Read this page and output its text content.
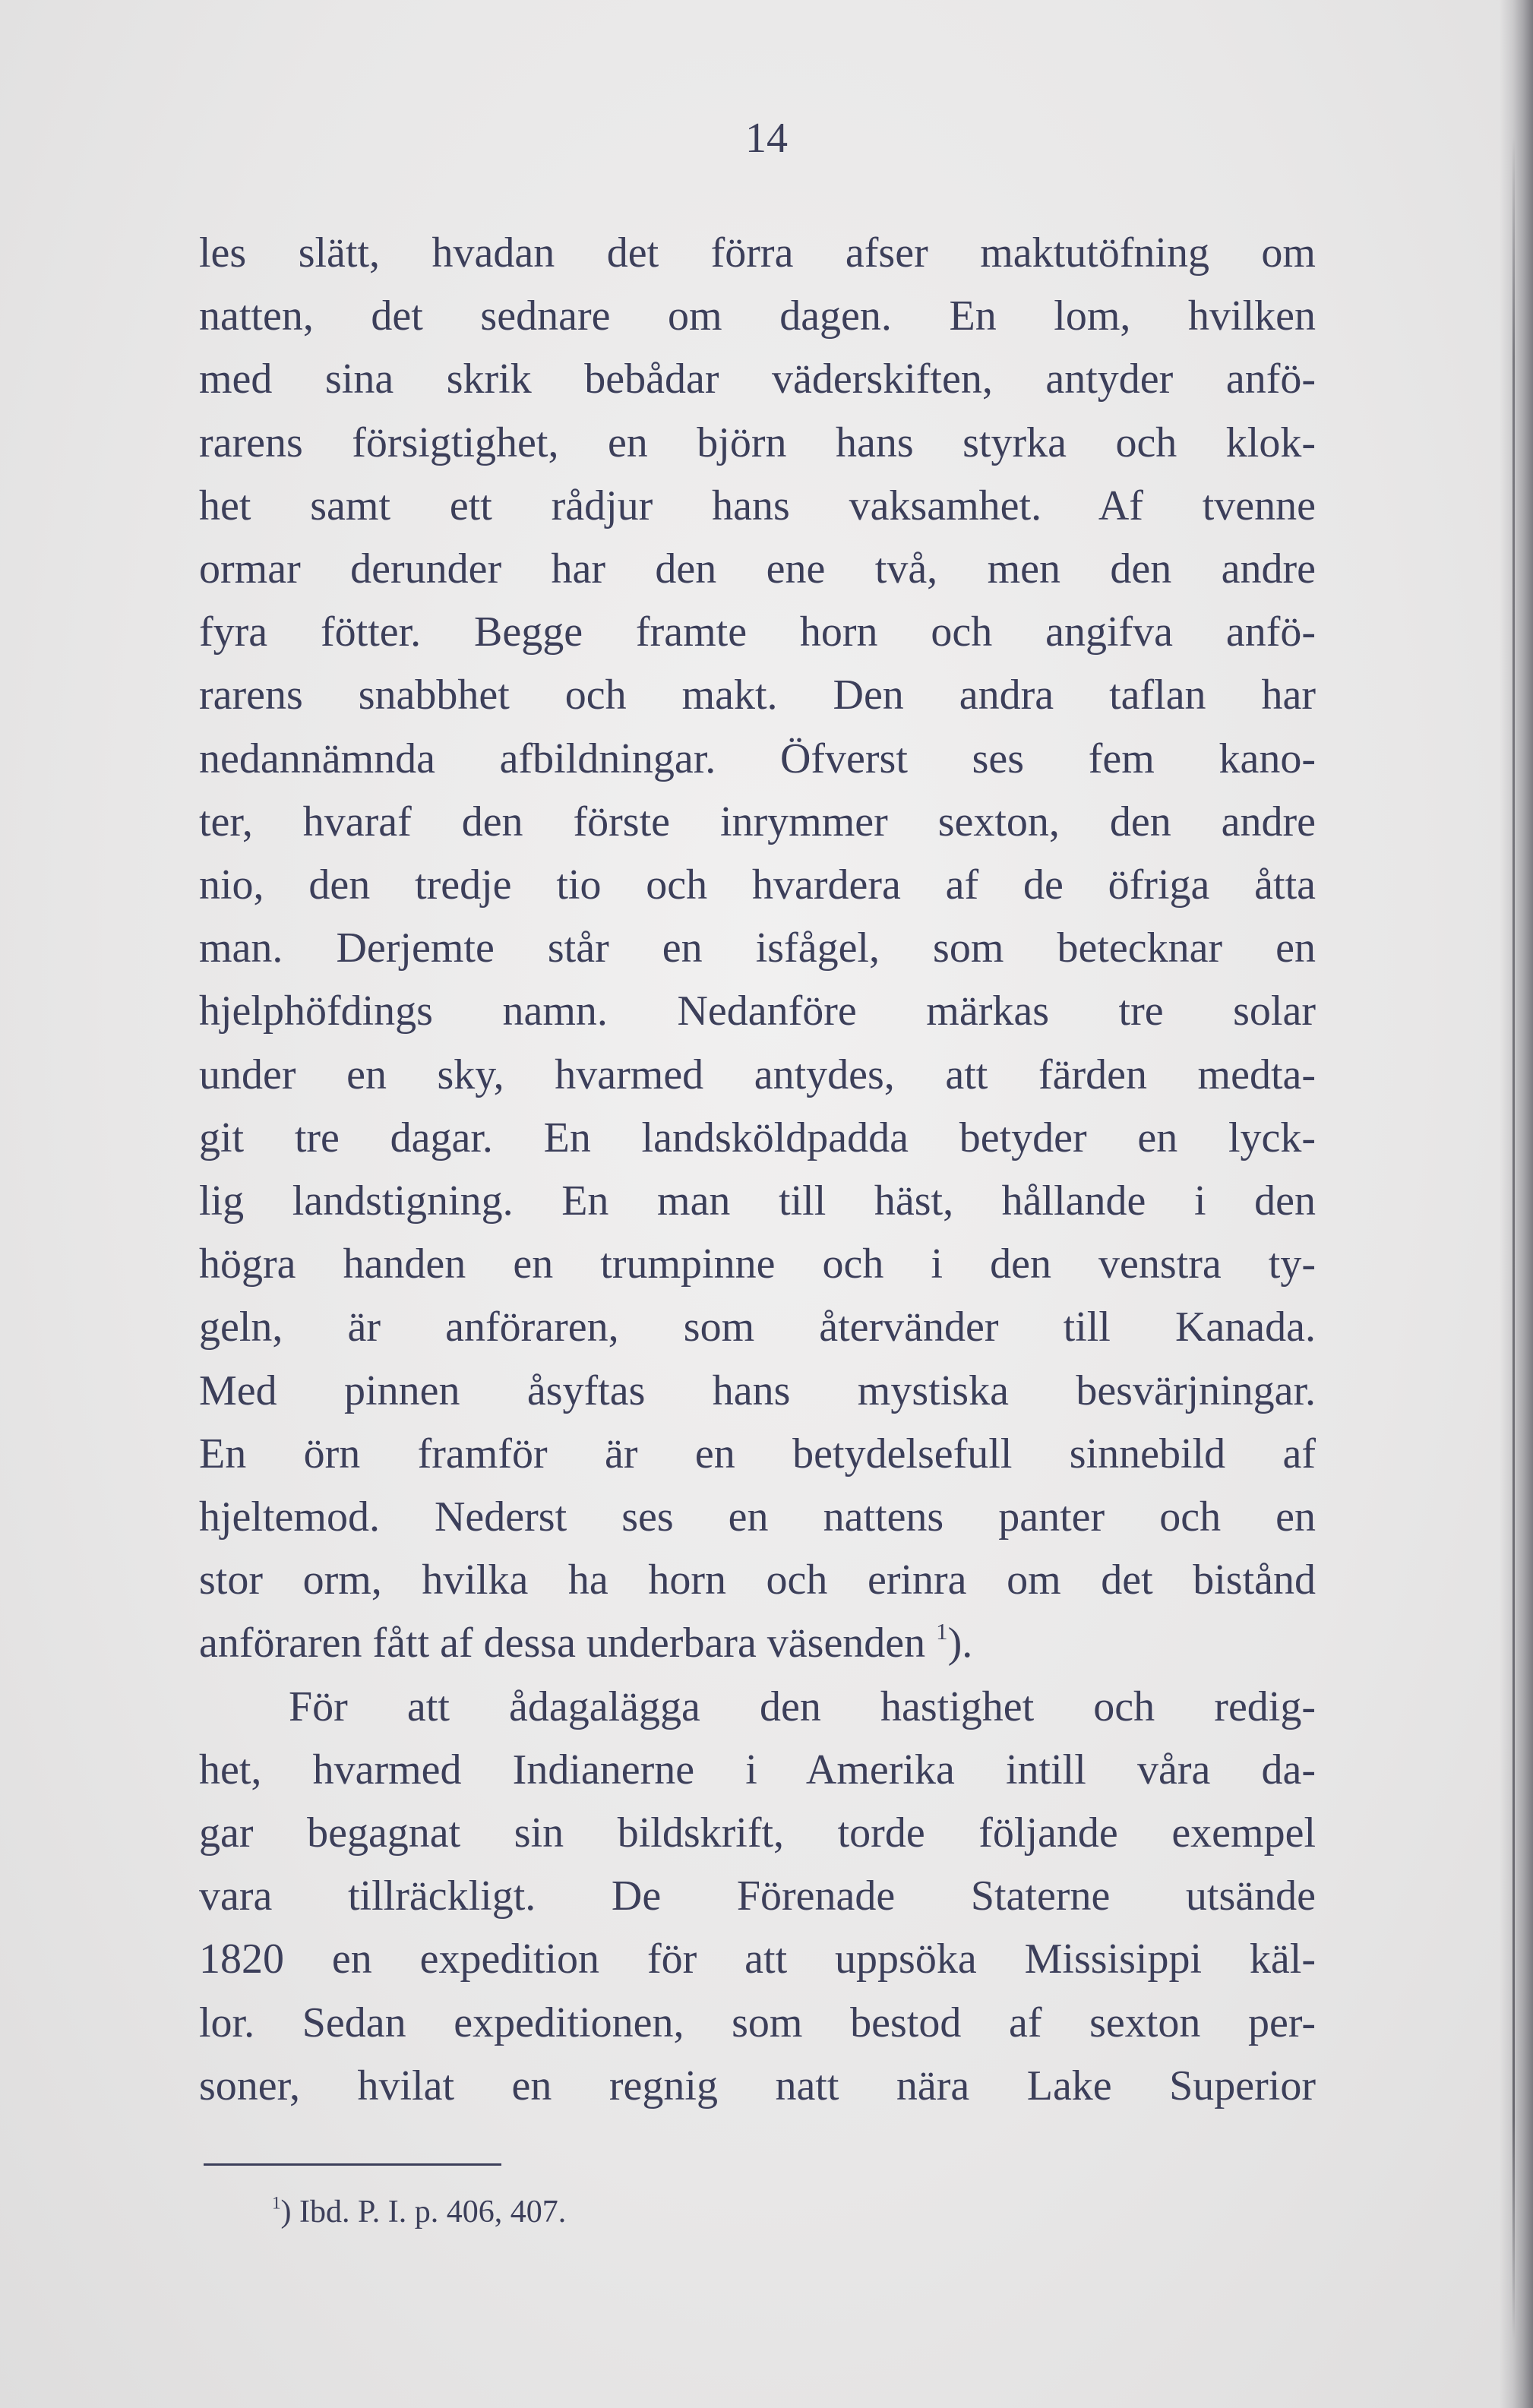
14

les slätt, hvadan det förra afser maktutöfning om
natten, det sednare om dagen. En lom, hvilken
med sina skrik bebådar väderskiften, antyder anfö-
rarens försigtighet, en björn hans styrka och klok-
het samt ett rådjur hans vaksamhet. Af tvenne
ormar derunder har den ene två, men den andre
fyra fötter. Begge framte horn och angifva anfö-
rarens snabbhet och makt. Den andra taflan har
nedannämnda afbildningar. Öfverst ses fem kano-
ter, hvaraf den förste inrymmer sexton, den andre
nio, den tredje tio och hvardera af de öfriga åtta
man. Derjemte står en isfågel, som betecknar en
hjelphöfdings namn. Nedanföre märkas tre solar
under en sky, hvarmed antydes, att färden medta-
git tre dagar. En landsköldpadda betyder en lyck-
lig landstigning. En man till häst, hållande i den
högra handen en trumpinne och i den venstra ty-
geln, är anföraren, som återvänder till Kanada.
Med pinnen åsyftas hans mystiska besvärjningar.
En örn framför är en betydelsefull sinnebild af
hjeltemod. Nederst ses en nattens panter och en
stor orm, hvilka ha horn och erinra om det bistånd
anföraren fått af dessa underbara väsenden $^1$).

För att ådagalägga den hastighet och redig-
het, hvarmed Indianerne i Amerika intill våra da-
gar begagnat sin bildskrift, torde följande exempel
vara tillräckligt. De Förenade Staterne utsände
1820 en expedition för att uppsöka Missisippi käl-
lor. Sedan expeditionen, som bestod af sexton per-
soner, hvilat en regnig natt nära Lake Superior

$^1$) Ibd. P. I. p. 406, 407.
